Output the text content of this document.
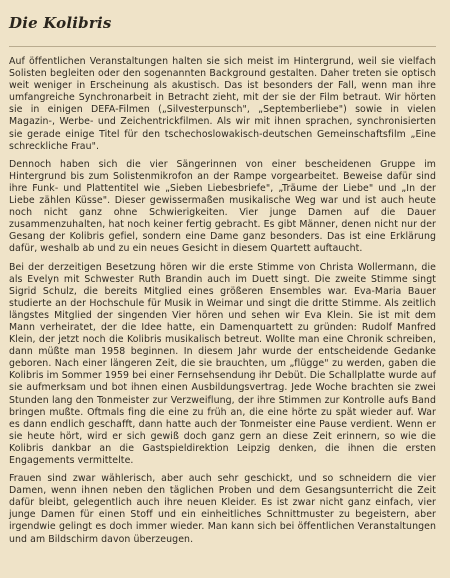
Die Kolibris

Auf öffentlichen Veranstaltungen halten sie sich meist im Hintergrund, weil sie vielfach Solisten begleiten oder den sogenannten Background gestalten. Daher treten sie optisch weit weniger in Erscheinung als akustisch. Das ist besonders der Fall, wenn man ihre umfangreiche Synchronarbeit in Betracht zieht, mit der sie der Film betraut. Wir hörten sie in einigen DEFA-Filmen („Silvesterpunsch", „Septemberliebe") sowie in vielen Magazin-, Werbe- und Zeichentrickfilmen. Als wir mit ihnen sprachen, synchronisierten sie gerade einige Titel für den tschechoslowakisch-deutschen Gemeinschaftsfilm „Eine schreckliche Frau".

Dennoch haben sich die vier Sängerinnen von einer bescheidenen Gruppe im Hintergrund bis zum Solistenmikrofon an der Rampe vorgearbeitet. Beweise dafür sind ihre Funk- und Plattentitel wie „Sieben Liebesbriefe", „Träume der Liebe" und „In der Liebe zählen Küsse". Dieser gewissermaßen musikalische Weg war und ist auch heute noch nicht ganz ohne Schwierigkeiten. Vier junge Damen auf die Dauer zusammenzuhalten, hat noch keiner fertig gebracht. Es gibt Männer, denen nicht nur der Gesang der Kolibris gefiel, sondern eine Dame ganz besonders. Das ist eine Erklärung dafür, weshalb ab und zu ein neues Gesicht in diesem Quartett auftaucht.

Bei der derzeitigen Besetzung hören wir die erste Stimme von Christa Wollermann, die als Evelyn mit Schwester Ruth Brandin auch im Duett singt. Die zweite Stimme singt Sigrid Schulz, die bereits Mitglied eines größeren Ensembles war. Eva-Maria Bauer studierte an der Hochschule für Musik in Weimar und singt die dritte Stimme. Als zeitlich längstes Mitglied der singenden Vier hören und sehen wir Eva Klein. Sie ist mit dem Mann verheiratet, der die Idee hatte, ein Damenquartett zu gründen: Rudolf Manfred Klein, der jetzt noch die Kolibris musikalisch betreut. Wollte man eine Chronik schreiben, dann müßte man 1958 beginnen. In diesem Jahr wurde der entscheidende Gedanke geboren. Nach einer längeren Zeit, die sie brauchten, um „flügge" zu werden, gaben die Kolibris im Sommer 1959 bei einer Fernsehsendung ihr Debüt. Die Schallplatte wurde auf sie aufmerksam und bot ihnen einen Ausbildungsvertrag. Jede Woche brachten sie zwei Stunden lang den Tonmeister zur Verzweiflung, der ihre Stimmen zur Kontrolle aufs Band bringen mußte. Oftmals fing die eine zu früh an, die eine hörte zu spät wieder auf. War es dann endlich geschafft, dann hatte auch der Tonmeister eine Pause verdient. Wenn er sie heute hört, wird er sich gewiß doch ganz gern an diese Zeit erinnern, so wie die Kolibris dankbar an die Gastspieldirektion Leipzig denken, die ihnen die ersten Engagements vermittelte.

Frauen sind zwar wählerisch, aber auch sehr geschickt, und so schneidern die vier Damen, wenn ihnen neben den täglichen Proben und dem Gesangsunterricht die Zeit dafür bleibt, gelegentlich auch ihre neuen Kleider. Es ist zwar nicht ganz einfach, vier junge Damen für einen Stoff und ein einheitliches Schnittmuster zu begeistern, aber irgendwie gelingt es doch immer wieder. Man kann sich bei öffentlichen Veranstaltungen und am Bildschirm davon überzeugen.
